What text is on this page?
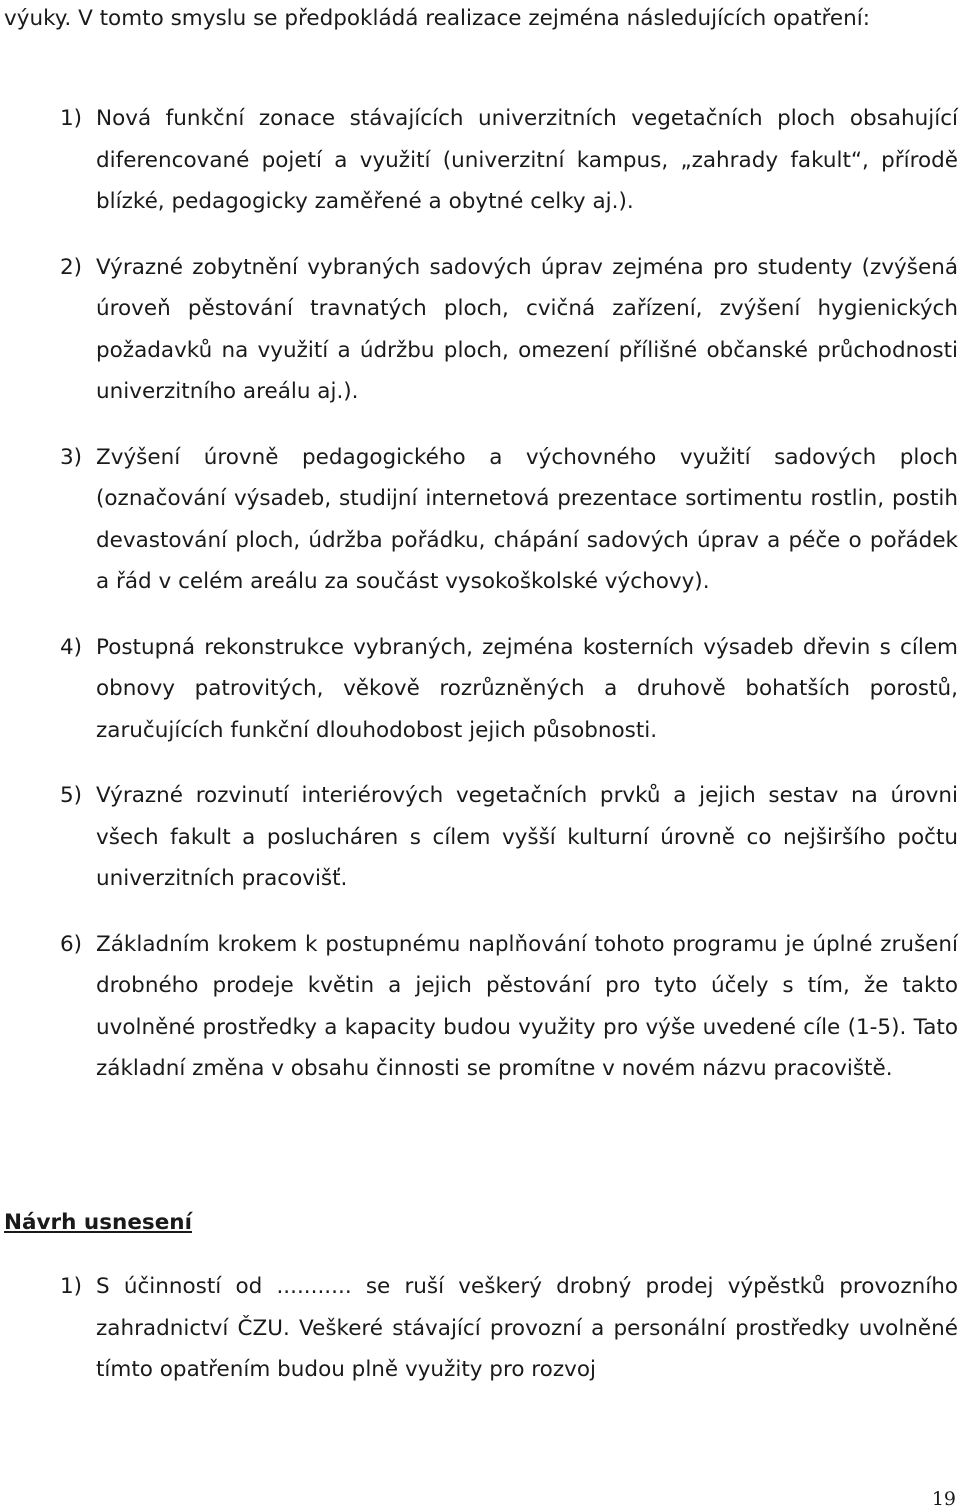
výuky. V tomto smyslu se předpokládá realizace zejména následujících opatření:

1) Nová funkční zonace stávajících univerzitních vegetačních ploch obsahující diferencované pojetí a využití (univerzitní kampus, „zahrady fakult“, přírodě blízké, pedagogicky zaměřené a obytné celky aj.).
2) Výrazné zobytnění vybraných sadových úprav zejména pro studenty (zvýšená úroveň pěstování travnatých ploch, cvičná zařízení, zvýšení hygienických požadavků na využití a údržbu ploch, omezení přílišné občanské průchodnosti univerzitního areálu aj.).
3) Zvýšení úrovně pedagogického a výchovného využití sadových ploch (označování výsadeb, studijní internetová prezentace sortimentu rostlin, postih devastování ploch, údržba pořádku, chápání sadových úprav a péče o pořádek a řád v celém areálu za součást vysokoškolské výchovy).
4) Postupná rekonstrukce vybraných, zejména kosterních výsadeb dřevin s cílem obnovy patrovitých, věkově rozrůzněných a druhově bohatších porostů, zaručujících funkční dlouhodobost jejich působnosti.
5) Výrazné rozvinutí interiérových vegetačních prvků a jejich sestav na úrovni všech fakult a poslucháren s cílem vyšší kulturní úrovně co nejširšího počtu univerzitních pracovišť.
6) Základním krokem k postupnému naplňování tohoto programu je úplné zrušení drobného prodeje květin a jejich pěstování pro tyto účely s tím, že takto uvolněné prostředky a kapacity budou využity pro výše uvedené cíle (1-5). Tato základní změna v obsahu činnosti se promítne v novém názvu pracoviště.
Návrh usnesení
1) S účinností od ........... se ruší veškerý drobný prodej výpěstků provozního zahradnictví ČZU. Veškeré stávající provozní a personální prostředky uvolněné tímto opatřením budou plně využity pro rozvoj
19
